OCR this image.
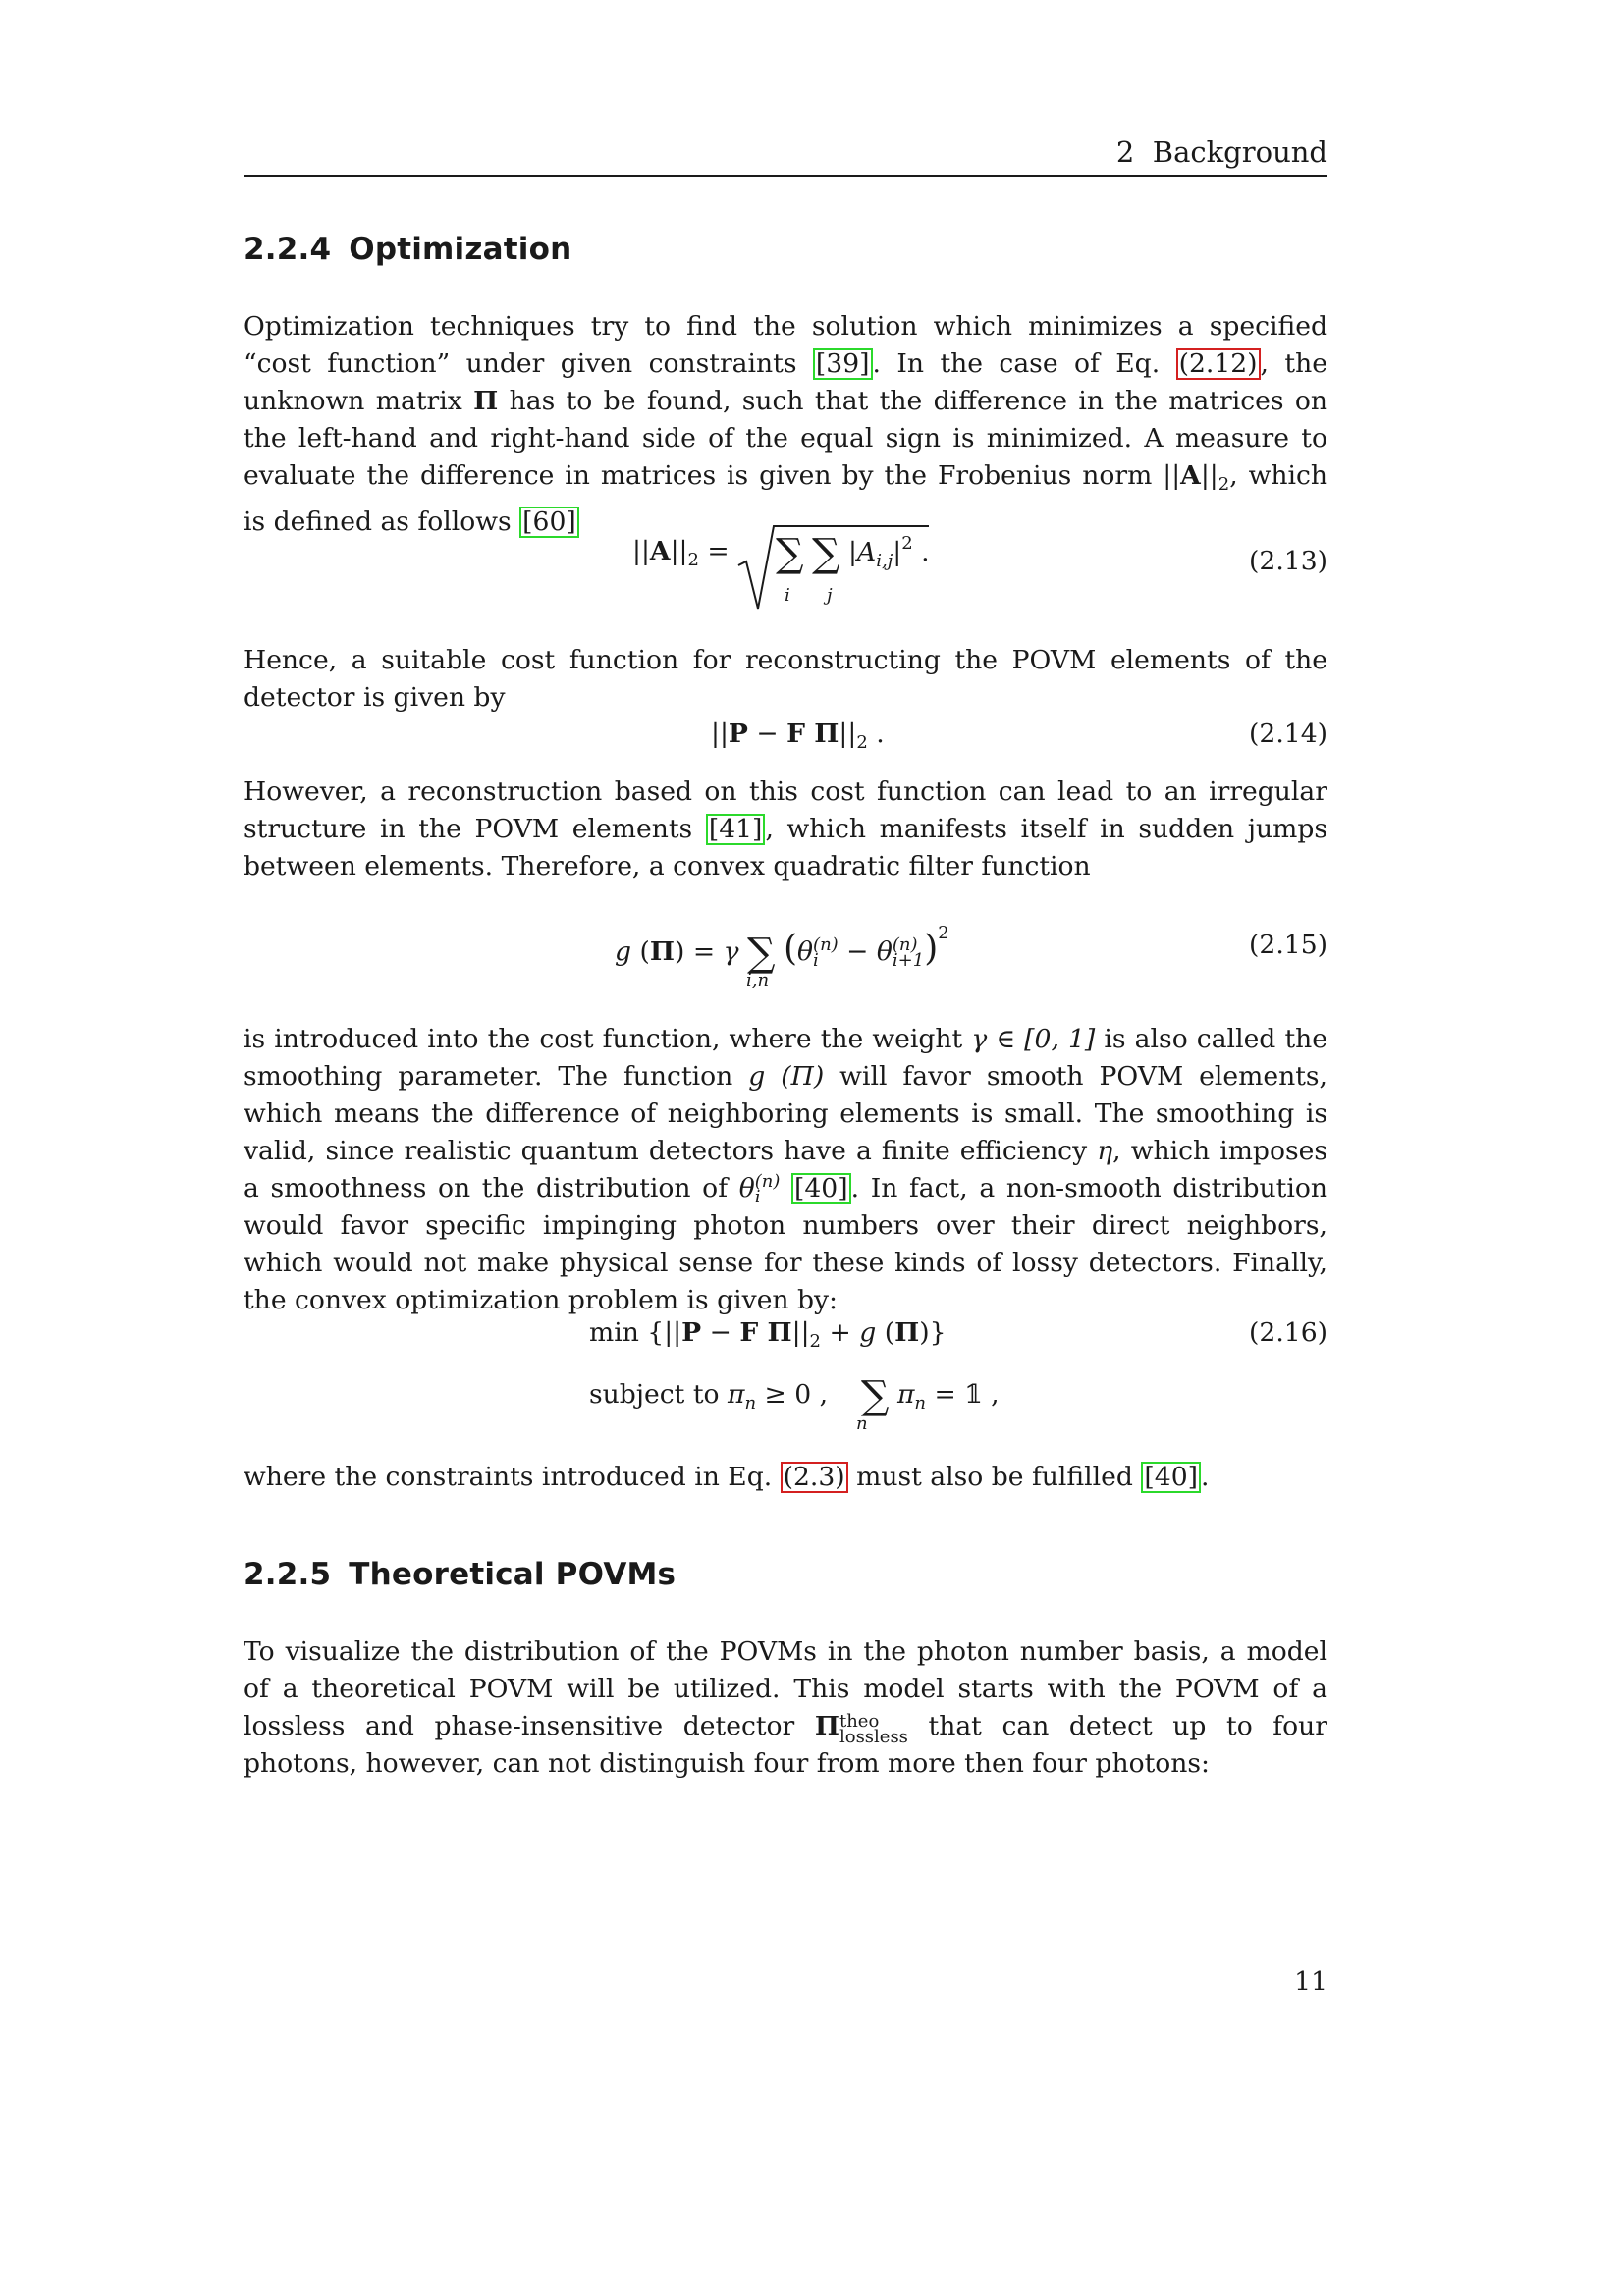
2 Background
2.2.4 Optimization

Optimization techniques try to find the solution which minimizes a specified “cost function” under given constraints [39] . In the case of Eq. (2.12) , the unknown matrix Π has to be found, such that the difference in the matrices on the left-hand and right-hand side of the equal sign is minimized. A measure to evaluate the difference in matrices is given by the Frobenius norm $||A||_2$, which is defined as follows [60]

$||A||_2$ = ∑ ∑ $|A_{i,j}|^2$ .
i j
(2.13)

Hence, a suitable cost function for reconstructing the POVM elements of the detector is given by

||P − F $\Pi||_2$ .	(2.14)

However, a reconstruction based on this cost function can lead to an irregular structure in the POVM elements [41] , which manifests itself in sudden jumps between elements. Therefore, a convex quadratic filter function

g (Π) = γ ∑ (θ (n)
i − θ (n)
i+1 )$^2$
i,n
(2.15)

is introduced into the cost function, where the weight γ ∈ [0, 1] is also called the smoothing parameter. The function g (Π) will favor smooth POVM elements, which means the difference of neighboring elements is small. The smoothing is valid, since realistic quantum detectors have a finite efficiency η, which imposes a smoothness on the distribution of θ (n)
i	[40] . In fact, a non-smooth distribution would favor specific impinging photon numbers over their direct neighbors, which would not make physical sense for these kinds of lossy detectors. Finally, the convex optimization problem is given by:

min {||P − F $\Pi||_2 + g$ (Π)}
subject to $\pi_n \ge 0$ ,    ∑ $\pi_n$ = 𝟙 ,
n
(2.16)

where the constraints introduced in Eq. (2.3) must also be fulfilled [40] .

2.2.5 Theoretical POVMs

To visualize the distribution of the POVMs in the photon number basis, a model of a theoretical POVM will be utilized. This model starts with the POVM of a lossless and phase-insensitive detector Π theo
lossless that can detect up to four photons, however, can not distinguish four from more then four photons:

11
